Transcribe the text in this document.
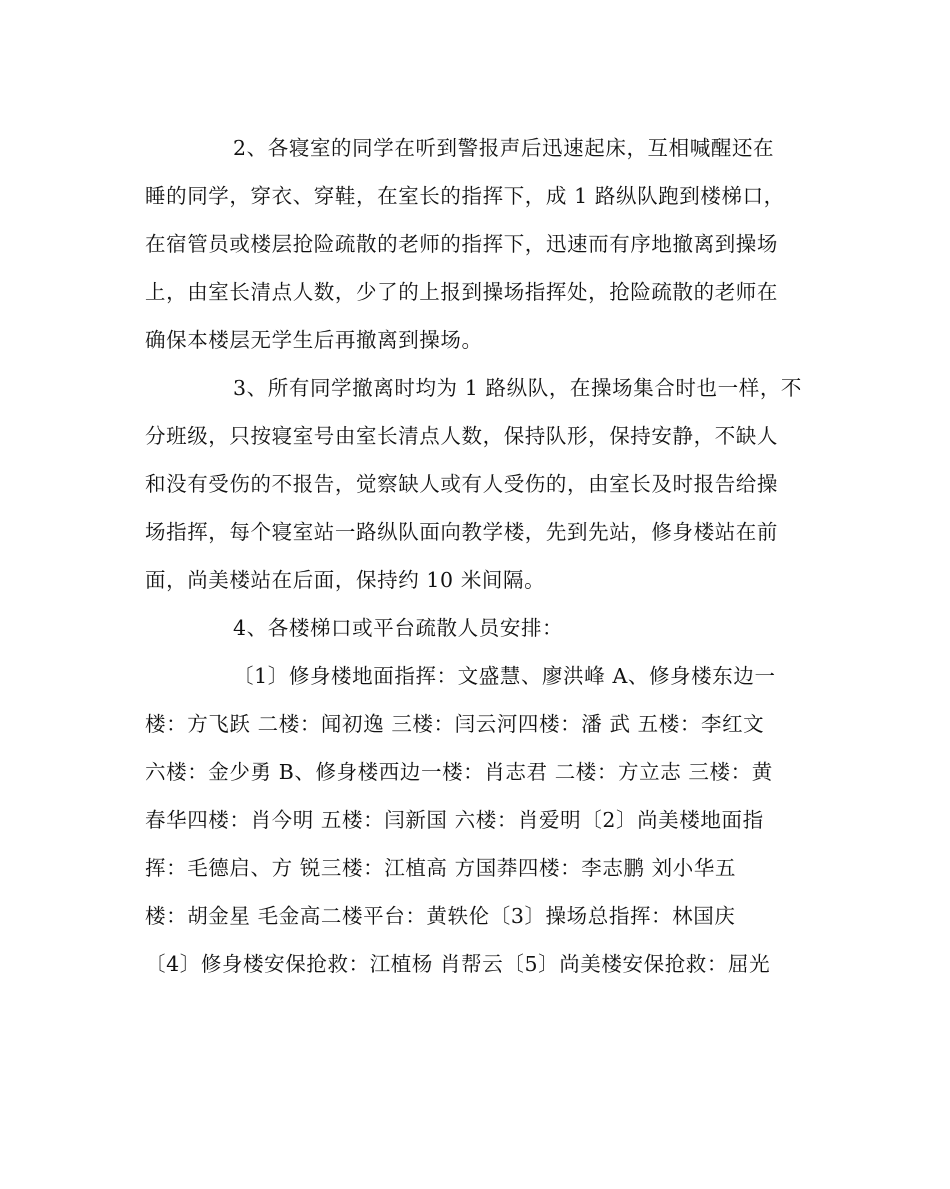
2、各寝室的同学在听到警报声后迅速起床，互相喊醒还在
睡的同学，穿衣、穿鞋，在室长的指挥下，成 1 路纵队跑到楼梯口，
在宿管员或楼层抢险疏散的老师的指挥下，迅速而有序地撤离到操场
上，由室长清点人数，少了的上报到操场指挥处，抢险疏散的老师在
确保本楼层无学生后再撤离到操场。
3、所有同学撤离时均为 1 路纵队，在操场集合时也一样，不
分班级，只按寝室号由室长清点人数，保持队形，保持安静，不缺人
和没有受伤的不报告，觉察缺人或有人受伤的，由室长及时报告给操
场指挥，每个寝室站一路纵队面向教学楼，先到先站，修身楼站在前
面，尚美楼站在后面，保持约 10 米间隔。
4、各楼梯口或平台疏散人员安排：
〔1〕修身楼地面指挥：文盛慧、廖洪峰 A、修身楼东边一
楼：方飞跃 二楼：闻初逸 三楼：闫云河四楼：潘 武 五楼：李红文
六楼：金少勇 B、修身楼西边一楼：肖志君 二楼：方立志 三楼：黄
春华四楼：肖今明 五楼：闫新国 六楼：肖爱明〔2〕尚美楼地面指
挥：毛德启、方 锐三楼：江植高 方国莽四楼：李志鹏 刘小华五
楼：胡金星 毛金高二楼平台：黄轶伦〔3〕操场总指挥：林国庆
〔4〕修身楼安保抢救：江植杨 肖帮云〔5〕尚美楼安保抢救：屈光
